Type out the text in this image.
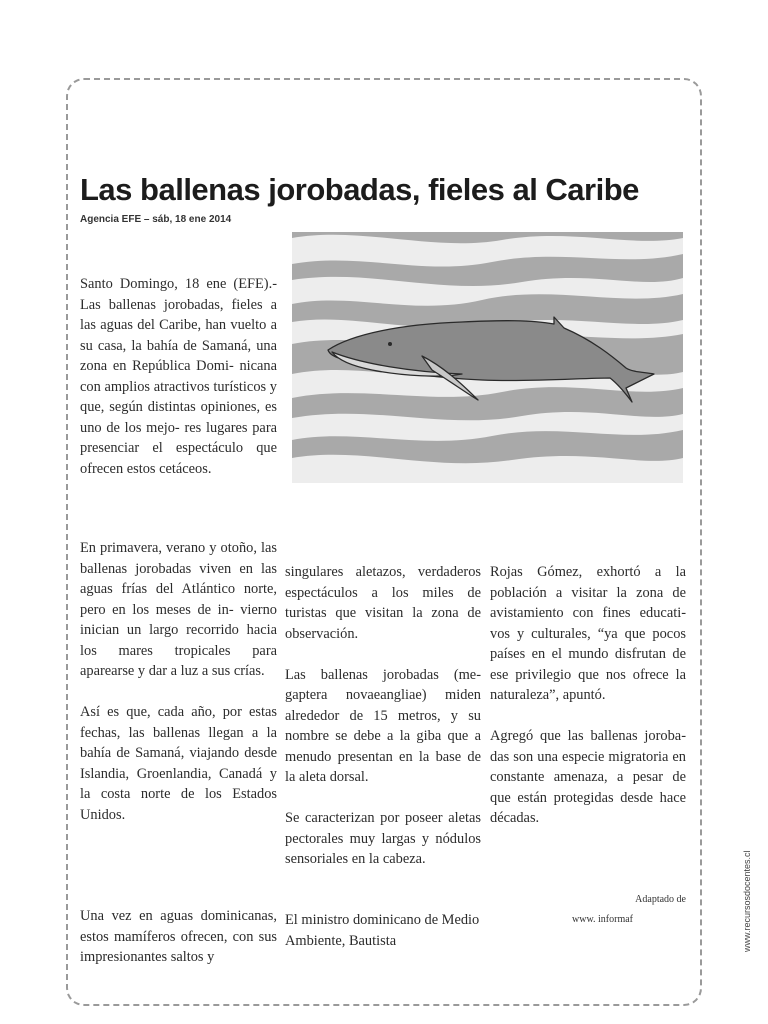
Las ballenas jorobadas, fieles al Caribe
Agencia EFE – sáb, 18 ene 2014

Santo Domingo, 18 ene (EFE).- Las ballenas jorobadas, fieles a las aguas del Caribe, han vuelto a su casa, la bahía de Samaná, una zona en República Domi- nicana con amplios atractivos turísticos y que, según distintas opiniones, es uno de los mejo- res lugares para presenciar el espectáculo que ofrecen estos cetáceos.

En primavera, verano y otoño, las ballenas jorobadas viven en las aguas frías del Atlántico norte, pero en los meses de in- vierno inician un largo recorrido hacia los mares tropicales para aparearse y dar a luz a sus crías.

Así es que, cada año, por estas fechas, las ballenas llegan a la bahía de Samaná, viajando desde Islandia, Groenlandia, Canadá y la costa norte de los Estados Unidos.

Una vez en aguas dominicanas, estos mamíferos ofrecen, con sus impresionantes saltos y

singulares aletazos, verdaderos espectáculos a los miles de turistas que visitan la zona de observación.

Las ballenas jorobadas (me- gaptera novaeangliae) miden alrededor de 15 metros, y su nombre se debe a la giba que a menudo presentan en la base de la aleta dorsal.

Se caracterizan por poseer aletas pectorales muy largas y nódulos sensoriales en la cabeza.

El ministro dominicano de Medio Ambiente, Bautista

Rojas Gómez, exhortó a la población a visitar la zona de avistamiento con fines educati- vos y culturales, “ya que pocos países en el mundo disfrutan de ese privilegio que nos ofrece la naturaleza”, apuntó.

Agregó que las ballenas joroba- das son una especie migratoria en constante amenaza, a pesar de que están protegidas desde hace décadas.

Adaptado de
www. informaf	www.recursosdocentes.cl
